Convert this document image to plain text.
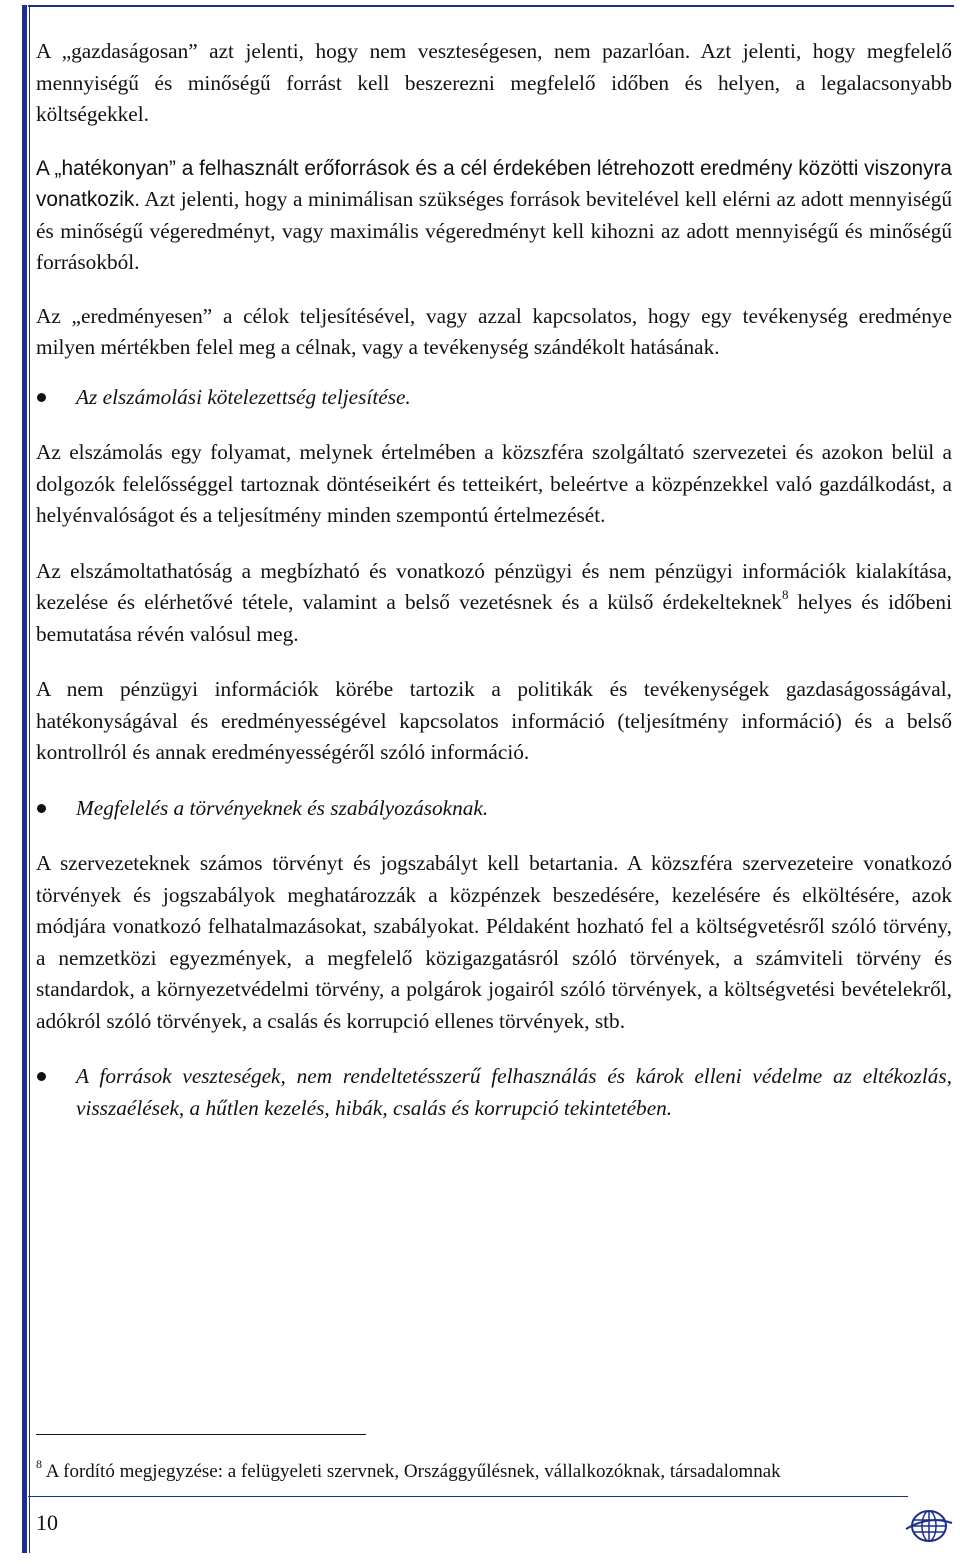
A „gazdaságosan” azt jelenti, hogy nem veszteségesen, nem pazarlóan. Azt jelenti, hogy megfelelő mennyiségű és minőségű forrást kell beszerezni megfelelő időben és helyen, a legalacsonyabb költségekkel.

A „hatékonyan” a felhasznált erőforrások és a cél érdekében létrehozott eredmény közötti viszonyra vonatkozik. Azt jelenti, hogy a minimálisan szükséges források bevitelével kell elérni az adott mennyiségű és minőségű végeredményt, vagy maximális végeredményt kell kihozni az adott mennyiségű és minőségű forrásokból.

Az „eredményesen” a célok teljesítésével, vagy azzal kapcsolatos, hogy egy tevékenység eredménye milyen mértékben felel meg a célnak, vagy a tevékenység szándékolt hatásának.

Az elszámolási kötelezettség teljesítése.

Az elszámolás egy folyamat, melynek értelmében a közszféra szolgáltató szervezetei és azokon belül a dolgozók felelősséggel tartoznak döntéseikért és tetteikért, beleértve a közpénzekkel való gazdálkodást, a helyénvalóságot és a teljesítmény minden szempontú értelmezését.

Az elszámoltathatóság a megbízható és vonatkozó pénzügyi és nem pénzügyi információk kialakítása, kezelése és elérhetővé tétele, valamint a belső vezetésnek és a külső érdekelteknek$^8$ helyes és időbeni bemutatása révén valósul meg.

A nem pénzügyi információk körébe tartozik a politikák és tevékenységek gazdaságosságával, hatékonyságával és eredményességével kapcsolatos információ (teljesítmény információ) és a belső kontrollról és annak eredményességéről szóló információ.

Megfelelés a törvényeknek és szabályozásoknak.

A szervezeteknek számos törvényt és jogszabályt kell betartania. A közszféra szervezeteire vonatkozó törvények és jogszabályok meghatározzák a közpénzek beszedésére, kezelésére és elköltésére, azok módjára vonatkozó felhatalmazásokat, szabályokat. Példaként hozható fel a költségvetésről szóló törvény, a nemzetközi egyezmények, a megfelelő közigazgatásról szóló törvények, a számviteli törvény és standardok, a környezetvédelmi törvény, a polgárok jogairól szóló törvények, a költségvetési bevételekről, adókról szóló törvények, a csalás és korrupció ellenes törvények, stb.

A források veszteségek, nem rendeltetésszerű felhasználás és károk elleni védelme az eltékozlás, visszaélések, a hűtlen kezelés, hibák, csalás és korrupció tekintetében.

$^8$ A fordító megjegyzése: a felügyeleti szervnek, Országgyűlésnek, vállalkozóknak, társadalomnak
10
